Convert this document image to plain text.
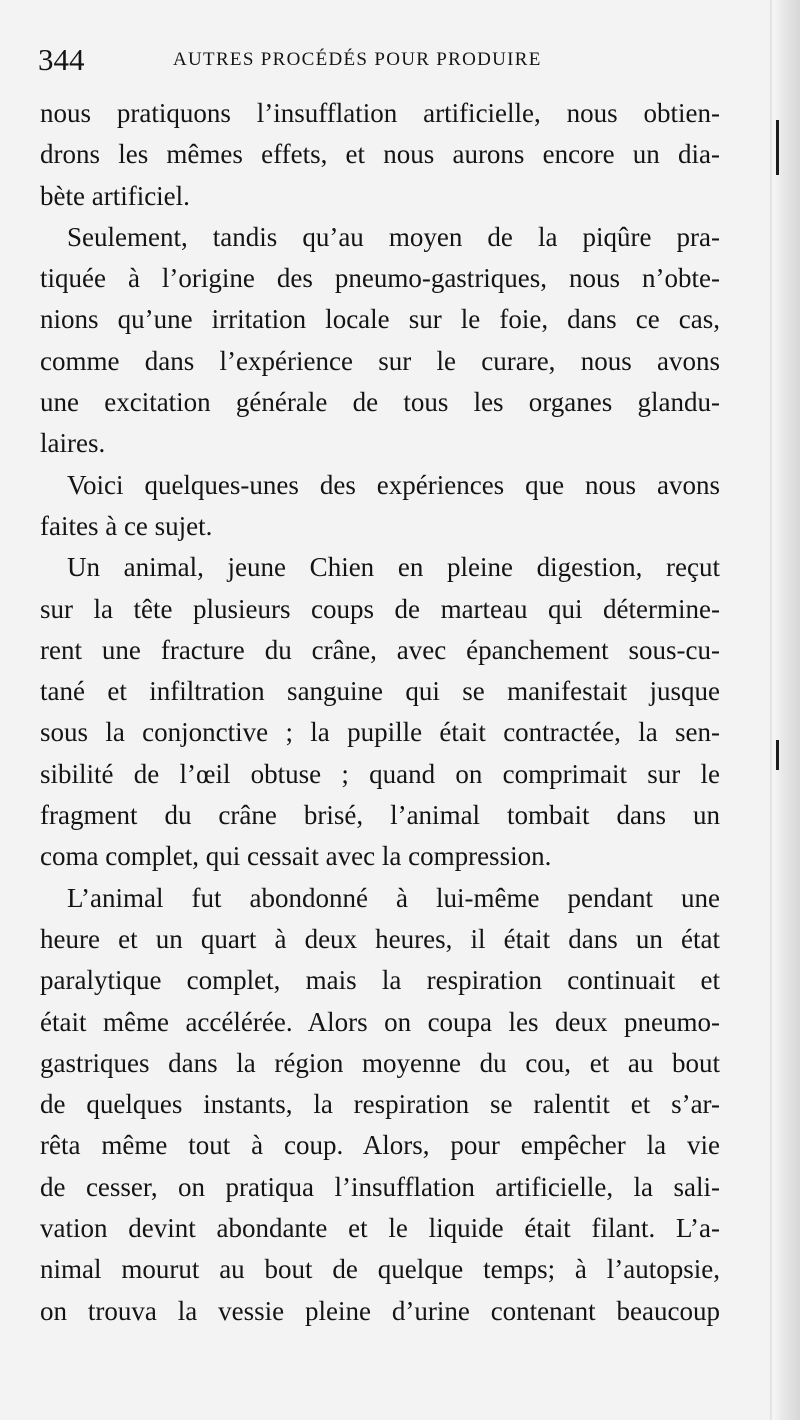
344	AUTRES PROCÉDÉS POUR PRODUIRE
nous pratiquons l’insufflation artificielle, nous obtien-
drons les mêmes effets, et nous aurons encore un dia-
bète artificiel.
Seulement, tandis qu’au moyen de la piqûre pra-
tiquée à l’origine des pneumo-gastriques, nous n’obte-
nions qu’une irritation locale sur le foie, dans ce cas,
comme dans l’expérience sur le curare, nous avons
une excitation générale de tous les organes glandu-
laires.
Voici quelques-unes des expériences que nous avons
faites à ce sujet.
Un animal, jeune Chien en pleine digestion, reçut
sur la tête plusieurs coups de marteau qui détermine-
rent une fracture du crâne, avec épanchement sous-cu-
tané et infiltration sanguine qui se manifestait jusque
sous la conjonctive ; la pupille était contractée, la sen-
sibilité de l’œil obtuse ; quand on comprimait sur le
fragment du crâne brisé, l’animal tombait dans un
coma complet, qui cessait avec la compression.
L’animal fut abondonné à lui-même pendant une
heure et un quart à deux heures, il était dans un état
paralytique complet, mais la respiration continuait et
était même accélérée. Alors on coupa les deux pneumo-
gastriques dans la région moyenne du cou, et au bout
de quelques instants, la respiration se ralentit et s’ar-
rêta même tout à coup. Alors, pour empêcher la vie
de cesser, on pratiqua l’insufflation artificielle, la sali-
vation devint abondante et le liquide était filant. L’a-
nimal mourut au bout de quelque temps; à l’autopsie,
on trouva la vessie pleine d’urine contenant beaucoup
